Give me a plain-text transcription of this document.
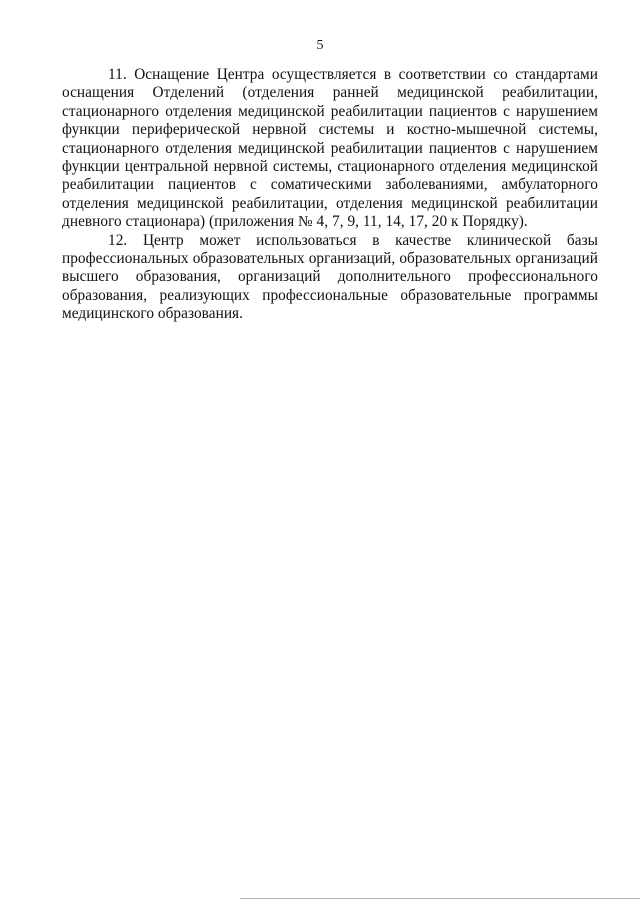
5

11. Оснащение Центра осуществляется в соответствии со стандартами оснащения Отделений (отделения ранней медицинской реабилитации, стационарного отделения медицинской реабилитации пациентов с нарушением функции периферической нервной системы и костно-мышечной системы, стационарного отделения медицинской реабилитации пациентов с нарушением функции центральной нервной системы, стационарного отделения медицинской реабилитации пациентов с соматическими заболеваниями, амбулаторного отделения медицинской реабилитации, отделения медицинской реабилитации дневного стационара) (приложения № 4, 7, 9, 11, 14, 17, 20 к Порядку).

12. Центр может использоваться в качестве клинической базы профессиональных образовательных организаций, образовательных организаций высшего образования, организаций дополнительного профессионального образования, реализующих профессиональные образовательные программы медицинского образования.
